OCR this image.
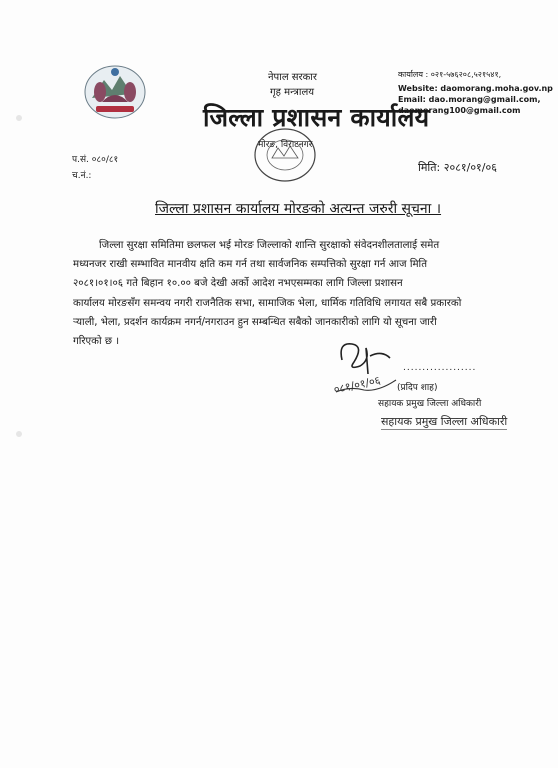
नेपाल सरकार
गृह मन्त्रालय
जिल्ला प्रशासन कार्यालय
मोरङ, विराटनगर
कार्यालय : ०२१-५७६२०८,५२१५४१,
Website: daomorang.moha.gov.np
Email: dao.morang@gmail.com,
daomorang100@gmail.com
प.सं. ०८०/८१
च.नं.:
मिति: २०८१/०१/०६
जिल्ला प्रशासन कार्यालय मोरङको अत्यन्त जरुरी सूचना ।
जिल्ला सुरक्षा समितिमा छलफल भई मोरङ जिल्लाको शान्ति सुरक्षाको संवेदनशीलतालाई समेत
मध्यनजर राखी सम्भावित मानवीय क्षति कम गर्न तथा सार्वजनिक सम्पत्तिको सुरक्षा गर्न आज मिति
२०८१।०१।०६ गते बिहान १०.०० बजे देखी अर्को आदेश नभएसम्मका लागि जिल्ला प्रशासन
कार्यालय मोरङसँग समन्वय नगरी राजनैतिक सभा, सामाजिक भेला, धार्मिक गतिविधि लगायत सबै प्रकारको
र्‍याली, भेला, प्रदर्शन कार्यक्रम नगर्न/नगराउन हुन सम्बन्धित सबैको जानकारीको लागि यो सूचना जारी
गरिएको छ ।
०८१/०१/०६
...................
(प्रदिप शाह)
सहायक प्रमुख जिल्ला अधिकारी
सहायक प्रमुख जिल्ला अधिकारी
